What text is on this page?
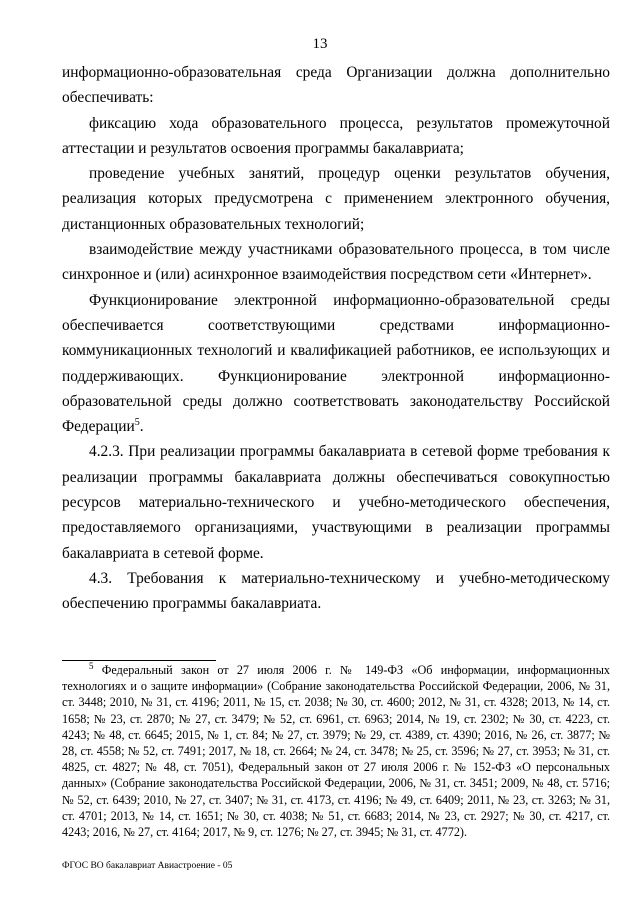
13

информационно-образовательная среда Организации должна дополнительно обеспечивать:

фиксацию хода образовательного процесса, результатов промежуточной аттестации и результатов освоения программы бакалавриата;

проведение учебных занятий, процедур оценки результатов обучения, реализация которых предусмотрена с применением электронного обучения, дистанционных образовательных технологий;

взаимодействие между участниками образовательного процесса, в том числе синхронное и (или) асинхронное взаимодействия посредством сети «Интернет».

Функционирование электронной информационно-образовательной среды обеспечивается соответствующими средствами информационно-коммуникационных технологий и квалификацией работников, ее использующих и поддерживающих. Функционирование электронной информационно-образовательной среды должно соответствовать законодательству Российской Федерации$^5$.

4.2.3. При реализации программы бакалавриата в сетевой форме требования к реализации программы бакалавриата должны обеспечиваться совокупностью ресурсов материально-технического и учебно-методического обеспечения, предоставляемого организациями, участвующими в реализации программы бакалавриата в сетевой форме.

4.3. Требования к материально-техническому и учебно-методическому обеспечению программы бакалавриата.

$^5$ Федеральный закон от 27 июля 2006 г. № 149-ФЗ «Об информации, информационных технологиях и о защите информации» (Собрание законодательства Российской Федерации, 2006, № 31, ст. 3448; 2010, № 31, ст. 4196; 2011, № 15, ст. 2038; № 30, ст. 4600; 2012, № 31, ст. 4328; 2013, № 14, ст. 1658; № 23, ст. 2870; № 27, ст. 3479; № 52, ст. 6961, ст. 6963; 2014, № 19, ст. 2302; № 30, ст. 4223, ст. 4243; № 48, ст. 6645; 2015, № 1, ст. 84; № 27, ст. 3979; № 29, ст. 4389, ст. 4390; 2016, № 26, ст. 3877; № 28, ст. 4558; № 52, ст. 7491; 2017, № 18, ст. 2664; № 24, ст. 3478; № 25, ст. 3596; № 27, ст. 3953; № 31, ст. 4825, ст. 4827; № 48, ст. 7051), Федеральный закон от 27 июля 2006 г. № 152-ФЗ «О персональных данных» (Собрание законодательства Российской Федерации, 2006, № 31, ст. 3451; 2009, № 48, ст. 5716; № 52, ст. 6439; 2010, № 27, ст. 3407; № 31, ст. 4173, ст. 4196; № 49, ст. 6409; 2011, № 23, ст. 3263; № 31, ст. 4701; 2013, № 14, ст. 1651; № 30, ст. 4038; № 51, ст. 6683; 2014, № 23, ст. 2927; № 30, ст. 4217, ст. 4243; 2016, № 27, ст. 4164; 2017, № 9, ст. 1276; № 27, ст. 3945; № 31, ст. 4772).

ФГОС ВО бакалавриат Авиастроение - 05
